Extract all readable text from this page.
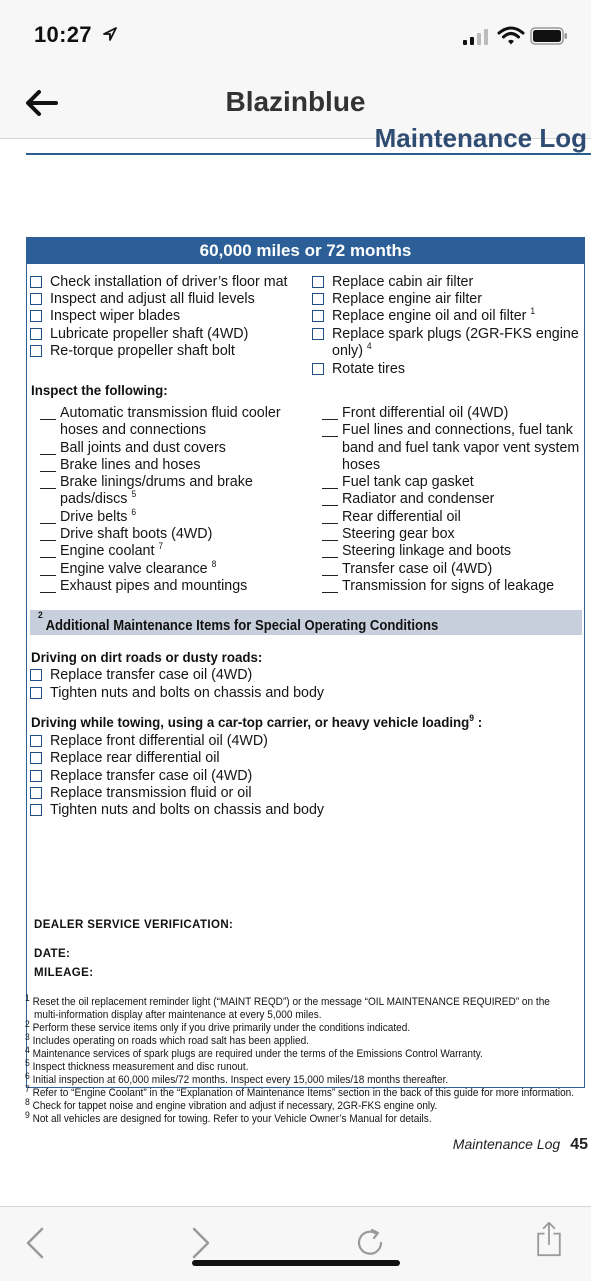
10:27
Blazinblue
Maintenance Log
60,000 miles or 72 months
Check installation of driver’s floor mat
Inspect and adjust all fluid levels
Inspect wiper blades
Lubricate propeller shaft (4WD)
Re-torque propeller shaft bolt
Replace cabin air filter
Replace engine air filter
Replace engine oil and oil filter $^1$
Replace spark plugs (2GR-FKS engine
only) $^4$
Rotate tires
Inspect the following:
Automatic transmission fluid cooler
hoses and connections
Ball joints and dust covers
Brake lines and hoses
Brake linings/drums and brake
pads/discs $^5$
Drive belts $^6$
Drive shaft boots (4WD)
Engine coolant $^7$
Engine valve clearance $^8$
Exhaust pipes and mountings
Front differential oil (4WD)
Fuel lines and connections, fuel tank
band and fuel tank vapor vent system
hoses
Fuel tank cap gasket
Radiator and condenser
Rear differential oil
Steering gear box
Steering linkage and boots
Transfer case oil (4WD)
Transmission for signs of leakage
Additional Maintenance Items for Special Operating Conditions
$^2$
Driving on dirt roads or dusty roads:
Replace transfer case oil (4WD)
Tighten nuts and bolts on chassis and body
Driving while towing, using a car-top carrier, or heavy vehicle loading$^9$ :
Replace front differential oil (4WD)
Replace rear differential oil
Replace transfer case oil (4WD)
Replace transmission fluid or oil
Tighten nuts and bolts on chassis and body
DEALER SERVICE VERIFICATION:
DATE:
MILEAGE:
$^1$ Reset the oil replacement reminder light (“MAINT REQD”) or the message “OIL MAINTENANCE REQUIRED” on the
multi-information display after maintenance at every 5,000 miles.
$^2$ Perform these service items only if you drive primarily under the conditions indicated.
$^3$ Includes operating on roads which road salt has been applied.
$^4$ Maintenance services of spark plugs are required under the terms of the Emissions Control Warranty.
$^5$ Inspect thickness measurement and disc runout.
$^6$ Initial inspection at 60,000 miles/72 months. Inspect every 15,000 miles/18 months thereafter.
$^7$ Refer to “Engine Coolant” in the “Explanation of Maintenance Items” section in the back of this guide for more information.
$^8$ Check for tappet noise and engine vibration and adjust if necessary, 2GR-FKS engine only.
$^9$ Not all vehicles are designed for towing. Refer to your Vehicle Owner’s Manual for details.
Maintenance Log 45
